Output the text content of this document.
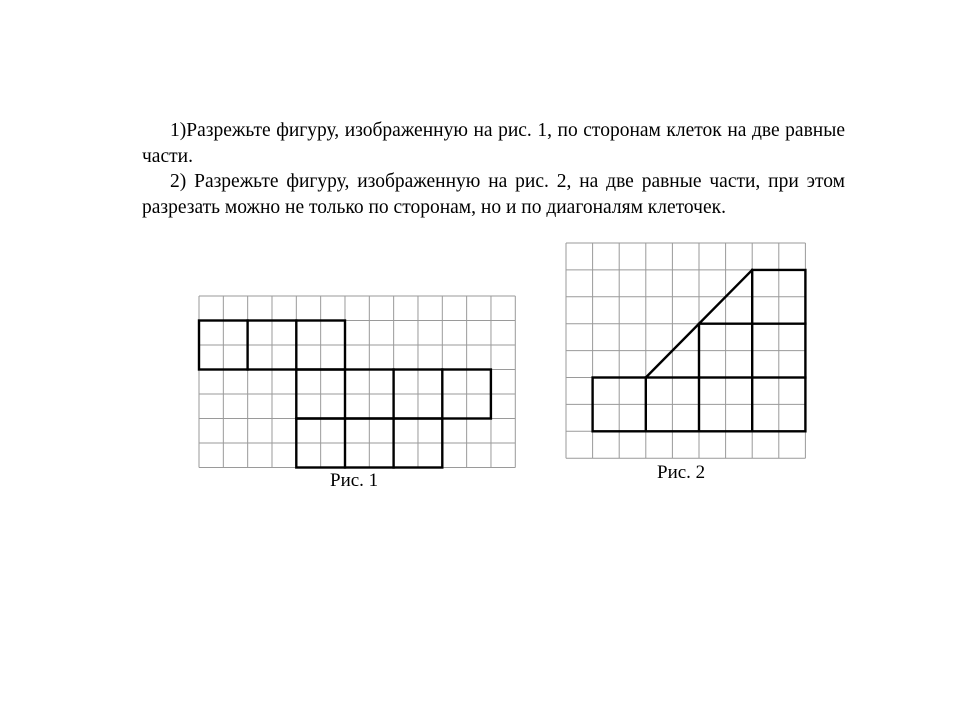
1)Разрежьте фигуру, изображенную на рис. 1, по сторонам клеток на две равные части.
2) Разрежьте фигуру, изображенную на рис. 2, на две равные части, при этом разрезать можно не только по сторонам, но и по диагоналям клеточек.
Рис. 1	Рис. 2
